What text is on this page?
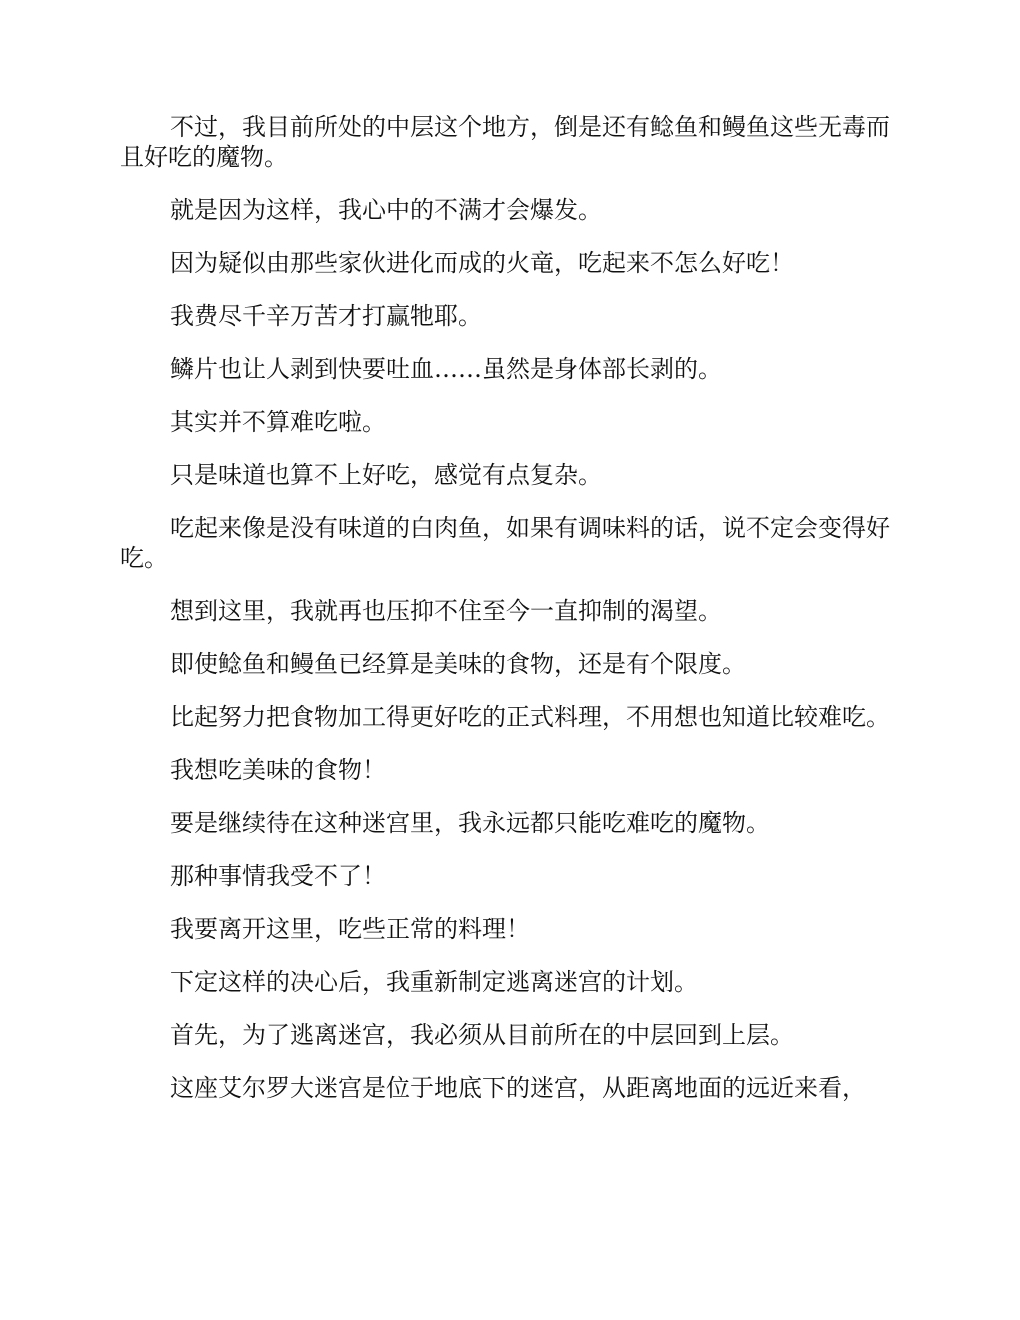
不过，我目前所处的中层这个地方，倒是还有鲶鱼和鳗鱼这些无毒而且好吃的魔物。

就是因为这样，我心中的不满才会爆发。

因为疑似由那些家伙进化而成的火竜，吃起来不怎么好吃！

我费尽千辛万苦才打赢牠耶。

鳞片也让人剥到快要吐血……虽然是身体部长剥的。

其实并不算难吃啦。

只是味道也算不上好吃，感觉有点复杂。

吃起来像是没有味道的白肉鱼，如果有调味料的话，说不定会变得好吃。

想到这里，我就再也压抑不住至今一直抑制的渴望。

即使鲶鱼和鳗鱼已经算是美味的食物，还是有个限度。

比起努力把食物加工得更好吃的正式料理，不用想也知道比较难吃。

我想吃美味的食物！

要是继续待在这种迷宫里，我永远都只能吃难吃的魔物。

那种事情我受不了！

我要离开这里，吃些正常的料理！

下定这样的决心后，我重新制定逃离迷宫的计划。

首先，为了逃离迷宫，我必须从目前所在的中层回到上层。

这座艾尔罗大迷宫是位于地底下的迷宫，从距离地面的远近来看，
